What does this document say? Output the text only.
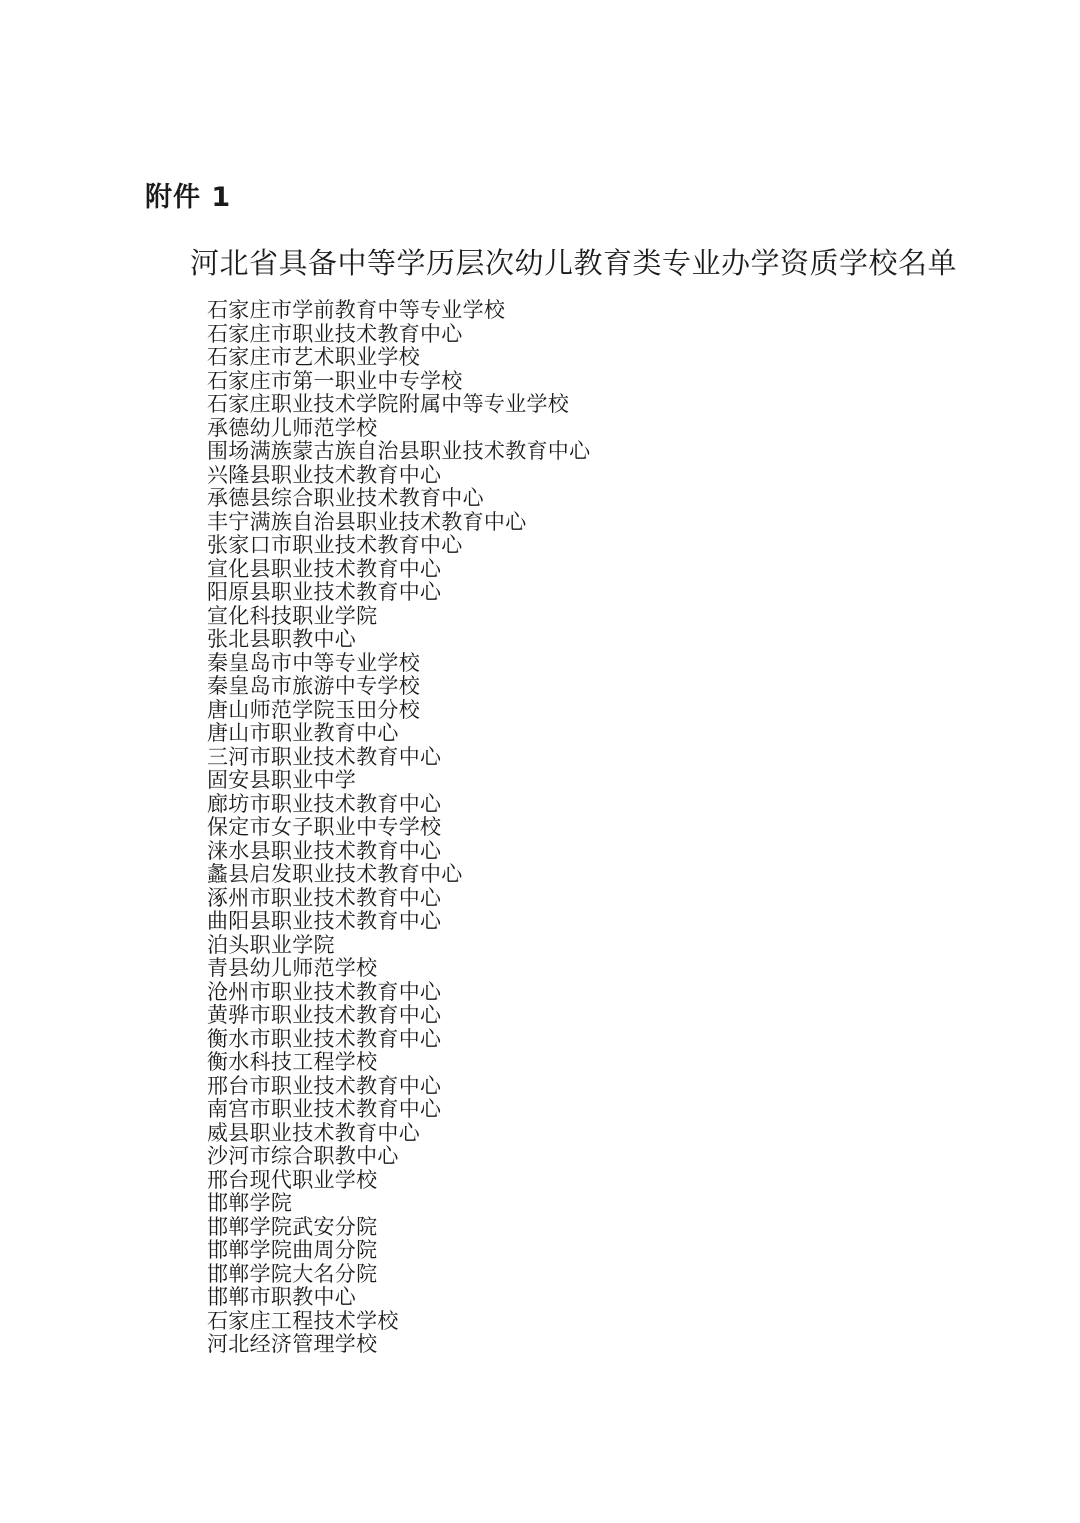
附件 1
河北省具备中等学历层次幼儿教育类专业办学资质学校名单
石家庄市学前教育中等专业学校
石家庄市职业技术教育中心
石家庄市艺术职业学校
石家庄市第一职业中专学校
石家庄职业技术学院附属中等专业学校
承德幼儿师范学校
围场满族蒙古族自治县职业技术教育中心
兴隆县职业技术教育中心
承德县综合职业技术教育中心
丰宁满族自治县职业技术教育中心
张家口市职业技术教育中心
宣化县职业技术教育中心
阳原县职业技术教育中心
宣化科技职业学院
张北县职教中心
秦皇岛市中等专业学校
秦皇岛市旅游中专学校
唐山师范学院玉田分校
唐山市职业教育中心
三河市职业技术教育中心
固安县职业中学
廊坊市职业技术教育中心
保定市女子职业中专学校
涞水县职业技术教育中心
蠡县启发职业技术教育中心
涿州市职业技术教育中心
曲阳县职业技术教育中心
泊头职业学院
青县幼儿师范学校
沧州市职业技术教育中心
黄骅市职业技术教育中心
衡水市职业技术教育中心
衡水科技工程学校
邢台市职业技术教育中心
南宫市职业技术教育中心
威县职业技术教育中心
沙河市综合职教中心
邢台现代职业学校
邯郸学院
邯郸学院武安分院
邯郸学院曲周分院
邯郸学院大名分院
邯郸市职教中心
石家庄工程技术学校
河北经济管理学校
